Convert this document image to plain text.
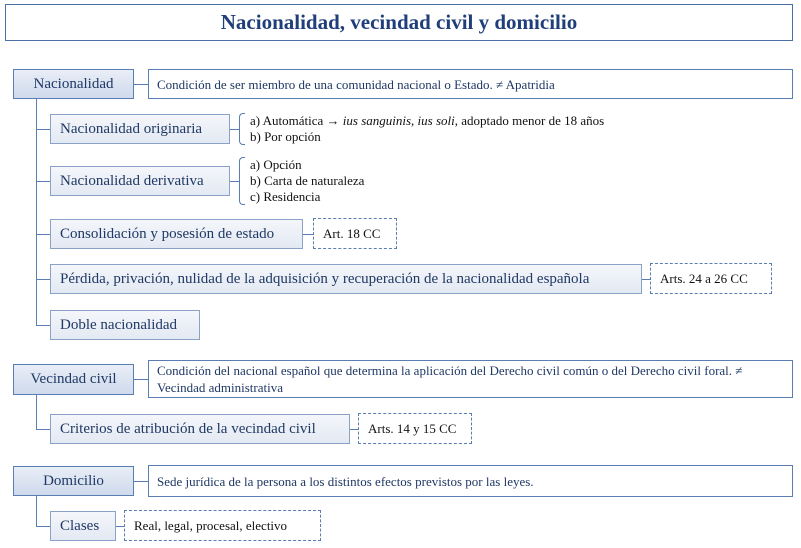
Nacionalidad, vecindad civil y domicilio
Nacionalidad	Condición de ser miembro de una comunidad nacional o Estado. ≠ Apatridia
Nacionalidad originaria	a) Automática → ius sanguinis, ius soli, adoptado menor de 18 años
b) Por opción
Nacionalidad derivativa
a) Opción
b) Carta de naturaleza
c) Residencia
Consolidación y posesión de estado	Art. 18 CC
Pérdida, privación, nulidad de la adquisición y recuperación de la nacionalidad española	Arts. 24 a 26 CC
Doble nacionalidad
Vecindad civil
Condición del nacional español que determina la aplicación del Derecho civil común o del Derecho civil foral. ≠ Vecindad administrativa
Criterios de atribución de la vecindad civil	Arts. 14 y 15 CC
Domicilio	Sede jurídica de la persona a los distintos efectos previstos por las leyes.
Clases	Real, legal, procesal, electivo
